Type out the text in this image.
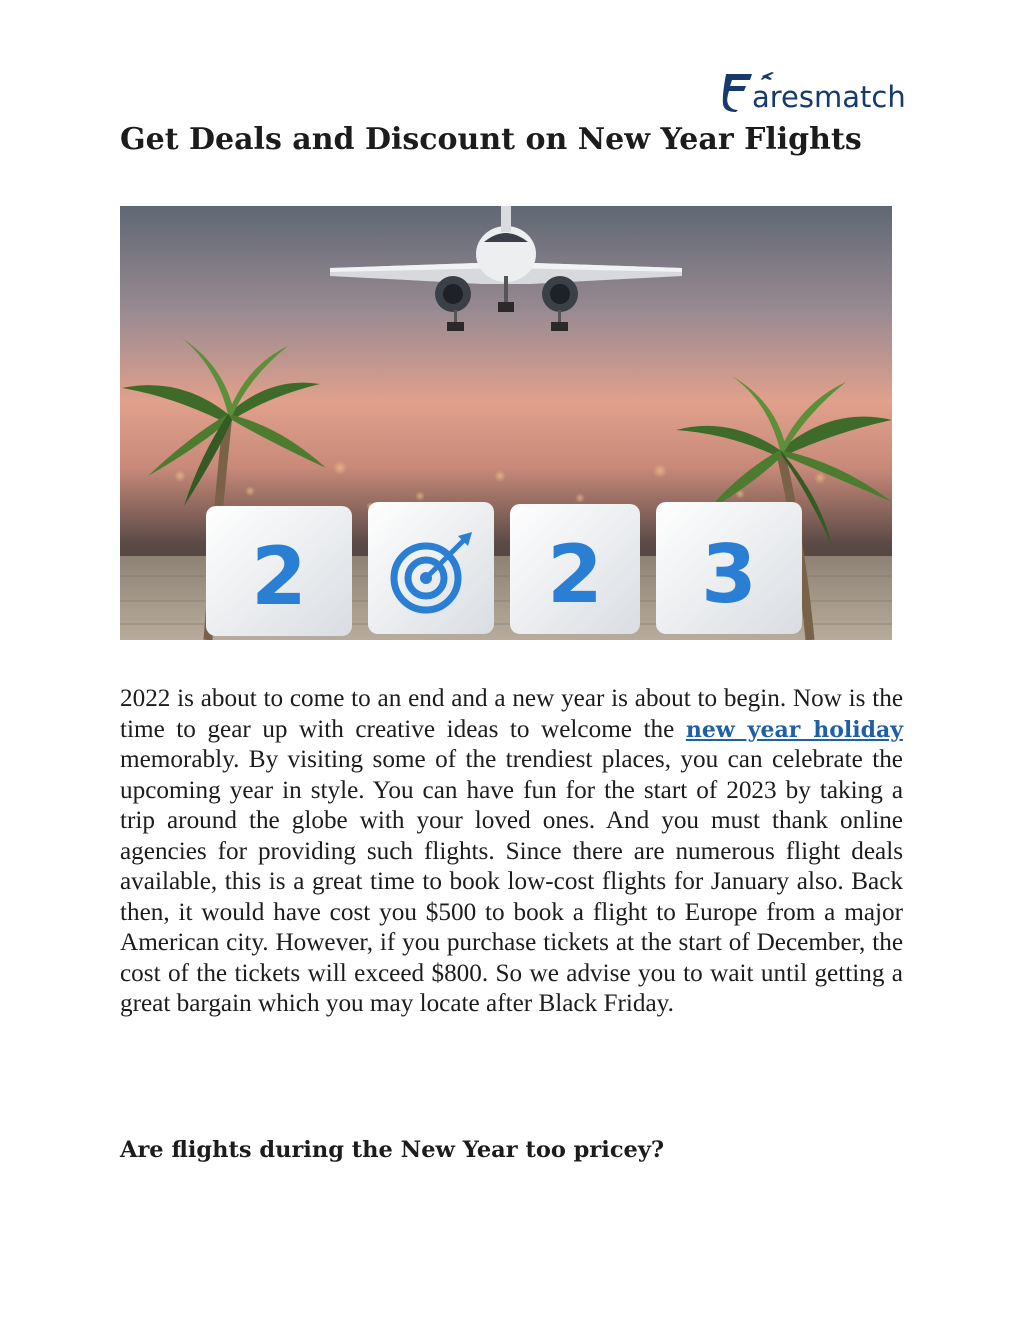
aresmatch
Get Deals and Discount on New Year Flights
2	2 3

2022 is about to come to an end and a new year is about to begin. Now is the time to gear up with creative ideas to welcome the new year holiday memorably. By visiting some of the trendiest places, you can celebrate the upcoming year in style. You can have fun for the start of 2023 by taking a trip around the globe with your loved ones. And you must thank online agencies for providing such flights. Since there are numerous flight deals available, this is a great time to book low-cost flights for January also. Back then, it would have cost you $500 to book a flight to Europe from a major American city. However, if you purchase tickets at the start of December, the cost of the tickets will exceed $800. So we advise you to wait until getting a great bargain which you may locate after Black Friday.

Are flights during the New Year too pricey?
